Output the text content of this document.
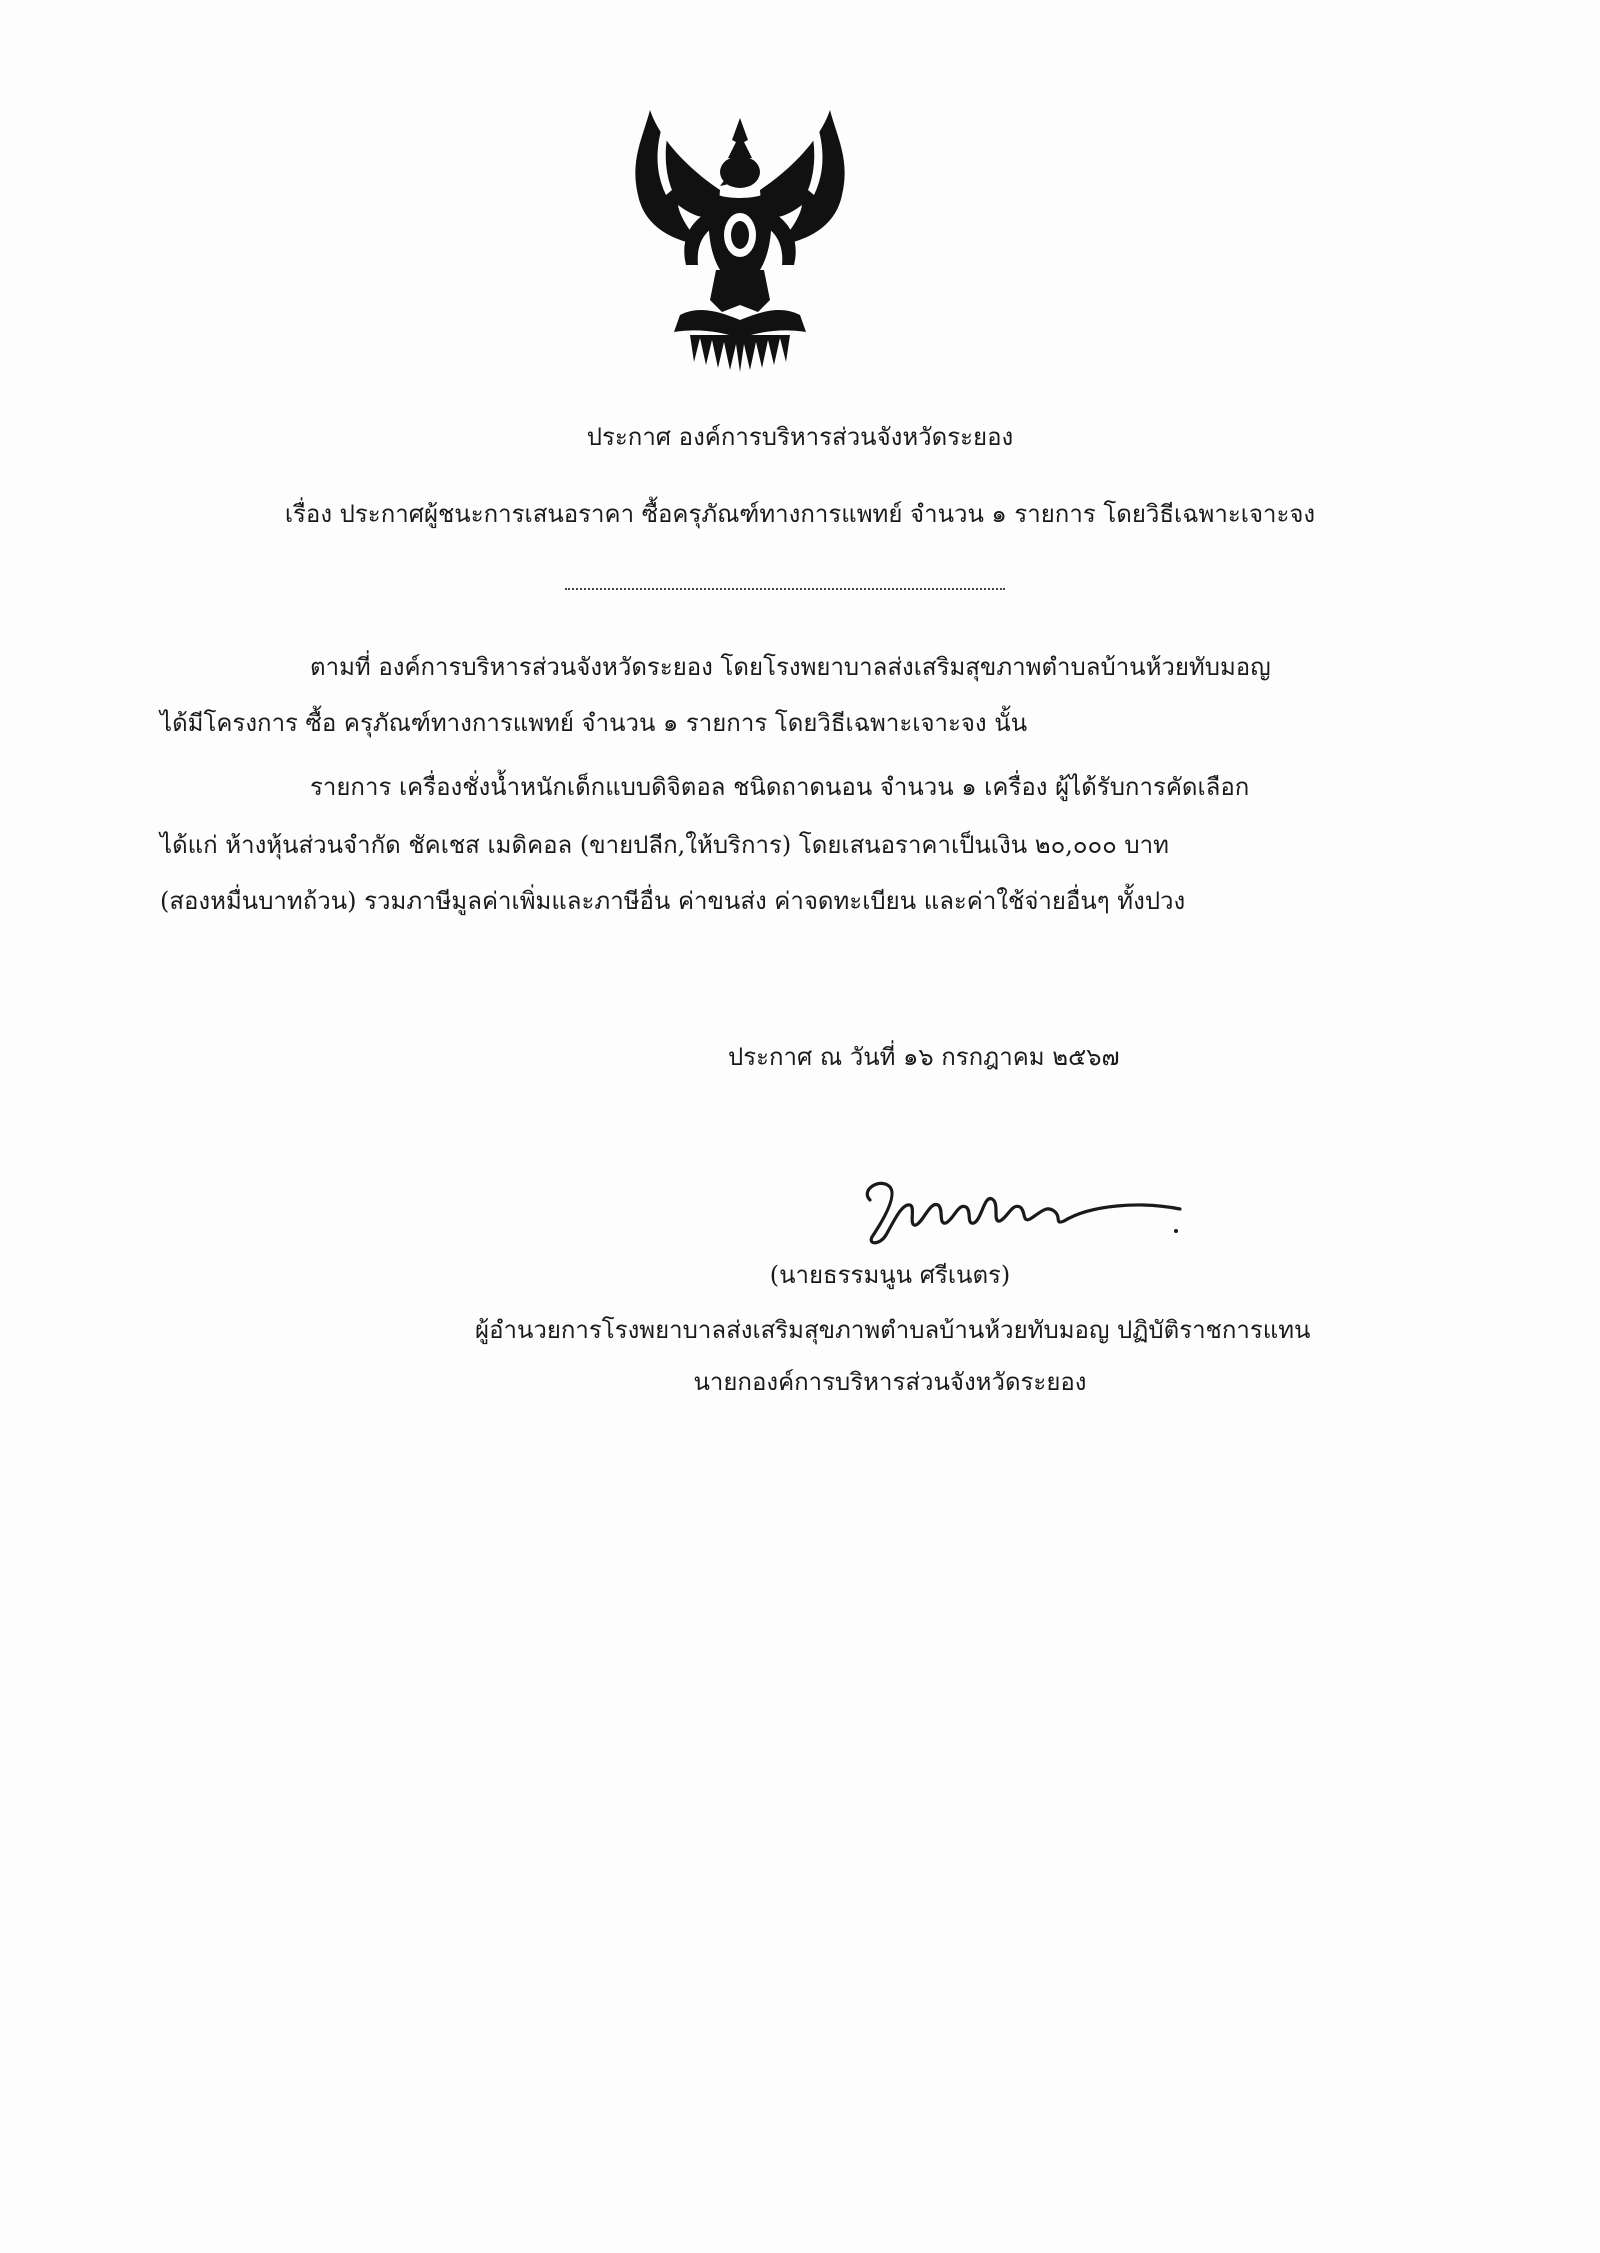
ประกาศ องค์การบริหารส่วนจังหวัดระยอง
เรื่อง ประกาศผู้ชนะการเสนอราคา ซื้อครุภัณฑ์ทางการแพทย์ จำนวน ๑ รายการ โดยวิธีเฉพาะเจาะจง
ตามที่ องค์การบริหารส่วนจังหวัดระยอง โดยโรงพยาบาลส่งเสริมสุขภาพตำบลบ้านห้วยทับมอญ
ได้มีโครงการ ซื้อ ครุภัณฑ์ทางการแพทย์ จำนวน ๑ รายการ โดยวิธีเฉพาะเจาะจง นั้น
รายการ เครื่องชั่งน้ำหนักเด็กแบบดิจิตอล ชนิดถาดนอน จำนวน ๑ เครื่อง ผู้ได้รับการคัดเลือก
ได้แก่ ห้างหุ้นส่วนจำกัด ชัคเชส เมดิคอล (ขายปลีก,ให้บริการ) โดยเสนอราคาเป็นเงิน ๒๐,๐๐๐ บาท
(สองหมื่นบาทถ้วน) รวมภาษีมูลค่าเพิ่มและภาษีอื่น ค่าขนส่ง ค่าจดทะเบียน และค่าใช้จ่ายอื่นๆ ทั้งปวง
ประกาศ ณ วันที่ ๑๖ กรกฎาคม ๒๕๖๗
(นายธรรมนูน ศรีเนตร)
ผู้อำนวยการโรงพยาบาลส่งเสริมสุขภาพตำบลบ้านห้วยทับมอญ ปฏิบัติราชการแทน
นายกองค์การบริหารส่วนจังหวัดระยอง
